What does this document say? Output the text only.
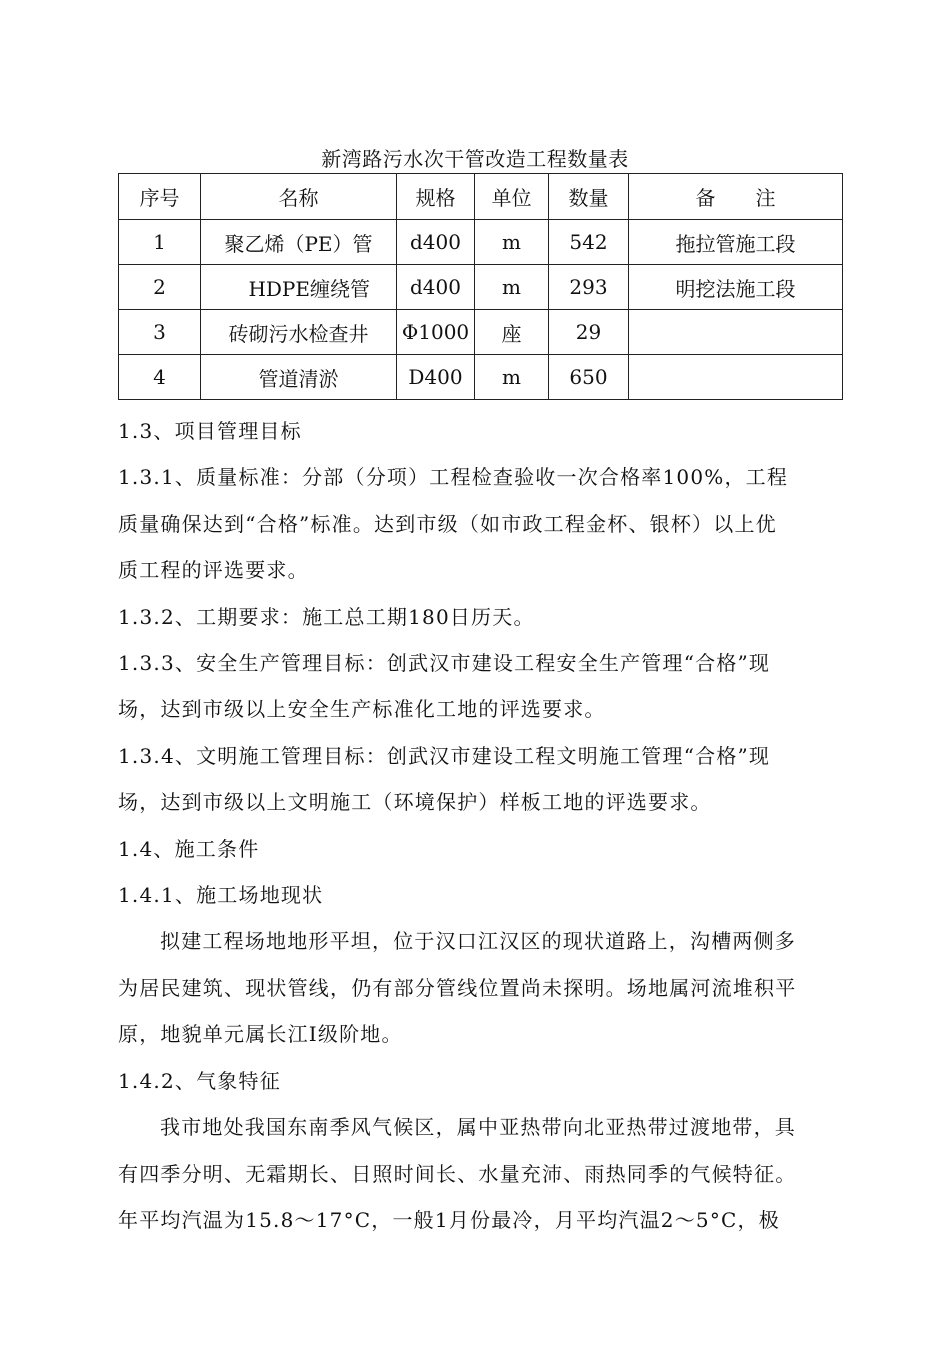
新湾路污水次干管改造工程数量表
序号	名称	规格	单位	数量	备　　注
1	聚乙烯（PE）管	d400	m	542	拖拉管施工段
2	HDPE缠绕管	d400	m	293	明挖法施工段
3	砖砌污水检查井	Φ1000	座	29	
4	管道清淤	D400	m	650	

1.3、项目管理目标

1.3.1、质量标准：分部（分项）工程检查验收一次合格率100%，工程
质量确保达到“合格”标准。达到市级（如市政工程金杯、银杯）以上优
质工程的评选要求。

1.3.2、工期要求：施工总工期180日历天。

1.3.3、安全生产管理目标：创武汉市建设工程安全生产管理“合格”现
场，达到市级以上安全生产标准化工地的评选要求。

1.3.4、文明施工管理目标：创武汉市建设工程文明施工管理“合格”现
场，达到市级以上文明施工（环境保护）样板工地的评选要求。

1.4、施工条件

1.4.1、施工场地现状

拟建工程场地地形平坦，位于汉口江汉区的现状道路上，沟槽两侧多
为居民建筑、现状管线，仍有部分管线位置尚未探明。场地属河流堆积平
原，地貌单元属长江Ⅰ级阶地。

1.4.2、气象特征

我市地处我国东南季风气候区，属中亚热带向北亚热带过渡地带，具
有四季分明、无霜期长、日照时间长、水量充沛、雨热同季的气候特征。
年平均汽温为15.8～17°C，一般1月份最冷，月平均汽温2～5°C，极
